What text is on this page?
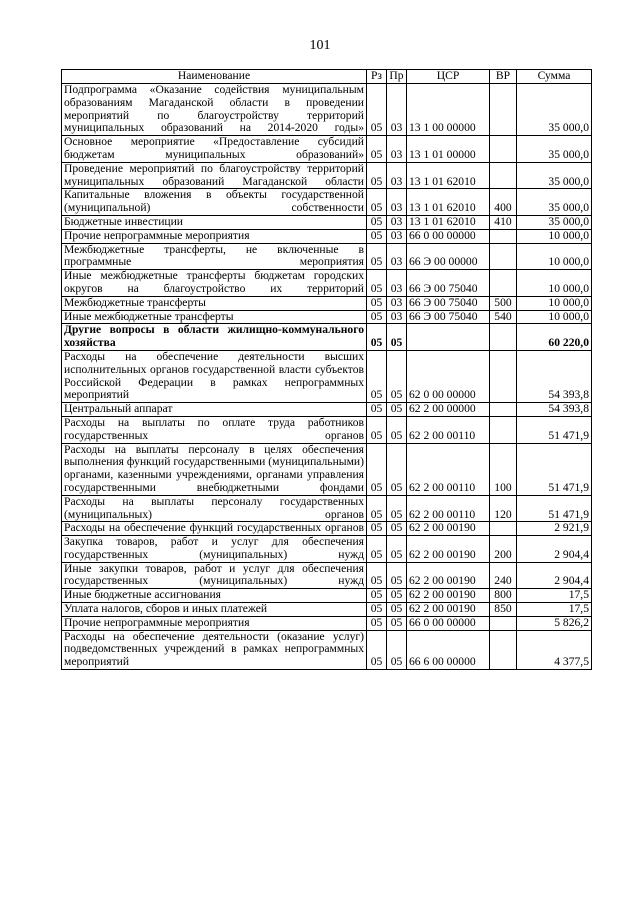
101
Наименование	Рз	Пр	ЦСР	ВР	Сумма
Подпрограмма «Оказание содействия муниципальным образованиям Магаданской области в проведении мероприятий по благоустройству территорий муниципальных образований на 2014-2020 годы»	05	03	13 1 00 00000		35 000,0
Основное мероприятие «Предоставление субсидий бюджетам муниципальных образований»	05	03	13 1 01 00000		35 000,0
Проведение мероприятий по благоустройству территорий муниципальных образований Магаданской области	05	03	13 1 01 62010		35 000,0
Капитальные вложения в объекты государственной (муниципальной) собственности	05	03	13 1 01 62010	400	35 000,0
Бюджетные инвестиции	05	03	13 1 01 62010	410	35 000,0
Прочие непрограммные мероприятия	05	03	66 0 00 00000		10 000,0
Межбюджетные трансферты, не включенные в программные мероприятия	05	03	66 Э 00 00000		10 000,0
Иные межбюджетные трансферты бюджетам городских округов на благоустройство их территорий	05	03	66 Э 00 75040		10 000,0
Межбюджетные трансферты	05	03	66 Э 00 75040	500	10 000,0
Иные межбюджетные трансферты	05	03	66 Э 00 75040	540	10 000,0
Другие вопросы в области жилищно-коммунального хозяйства	05	05			60 220,0
Расходы на обеспечение деятельности высших исполнительных органов государственной власти субъектов Российской Федерации в рамках непрограммных мероприятий	05	05	62 0 00 00000		54 393,8
Центральный аппарат	05	05	62 2 00 00000		54 393,8
Расходы на выплаты по оплате труда работников государственных органов	05	05	62 2 00 00110		51 471,9
Расходы на выплаты персоналу в целях обеспечения выполнения функций государственными (муниципальными) органами, казенными учреждениями, органами управления государственными внебюджетными фондами	05	05	62 2 00 00110	100	51 471,9
Расходы на выплаты персоналу государственных (муниципальных) органов	05	05	62 2 00 00110	120	51 471,9
Расходы на обеспечение функций государственных органов	05	05	62 2 00 00190		2 921,9
Закупка товаров, работ и услуг для обеспечения государственных (муниципальных) нужд	05	05	62 2 00 00190	200	2 904,4
Иные закупки товаров, работ и услуг для обеспечения государственных (муниципальных) нужд	05	05	62 2 00 00190	240	2 904,4
Иные бюджетные ассигнования	05	05	62 2 00 00190	800	17,5
Уплата налогов, сборов и иных платежей	05	05	62 2 00 00190	850	17,5
Прочие непрограммные мероприятия	05	05	66 0 00 00000		5 826,2
Расходы на обеспечение деятельности (оказание услуг) подведомственных учреждений в рамках непрограммных мероприятий	05	05	66 6 00 00000		4 377,5
